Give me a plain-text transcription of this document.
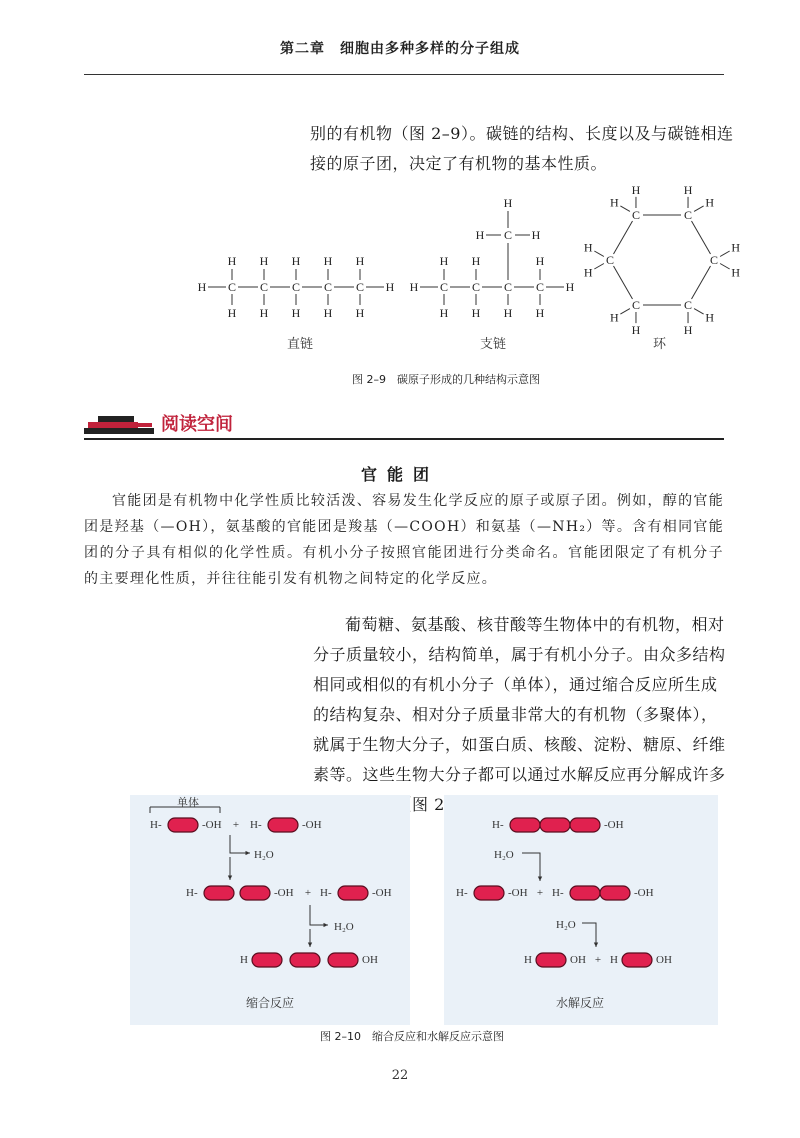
第二章　细胞由多种多样的分子组成

别的有机物（图 2–9）。碳链的结构、长度以及与碳链相连

接的原子团，决定了有机物的基本性质。

H C
H
H
C
H
H
C
H
H
C
H
H
C
H
H
H H C
H
H
C
H
H
C
H
C
H
H
H
C
H
H	H
C
H
H
C
H
H
C
H
H
C
H
H
C
H
H
C
H
H
直链	支链	环
图 2–9　碳原子形成的几种结构示意图
阅读空间
官能团

官能团是有机物中化学性质比较活泼、容易发生化学反应的原子或原子团。例如，醇的官能团是羟基（—OH），氨基酸的官能团是羧基（—COOH）和氨基（—NH₂）等。含有相同官能团的分子具有相似的化学性质。有机小分子按照官能团进行分类命名。官能团限定了有机分子的主要理化性质，并往往能引发有机物之间特定的化学反应。

葡萄糖、氨基酸、核苷酸等生物体中的有机物，相对

分子质量较小，结构简单，属于有机小分子。由众多结构

相同或相似的有机小分子（单体），通过缩合反应所生成

的结构复杂、相对分子质量非常大的有机物（多聚体），

就属于生物大分子，如蛋白质、核酸、淀粉、糖原、纤维

素等。这些生物大分子都可以通过水解反应再分解成许多

单体
H-	-OH + H-	-OH
H₂O
H-	-OH + H-	-OH
H₂O
H	OH
缩合反应
H-	-OH
H₂O
H-	-OH + H-	-OH
H₂O
H	OH + H	OH
水解反应
图 2–10　缩合反应和水解反应示意图
22
